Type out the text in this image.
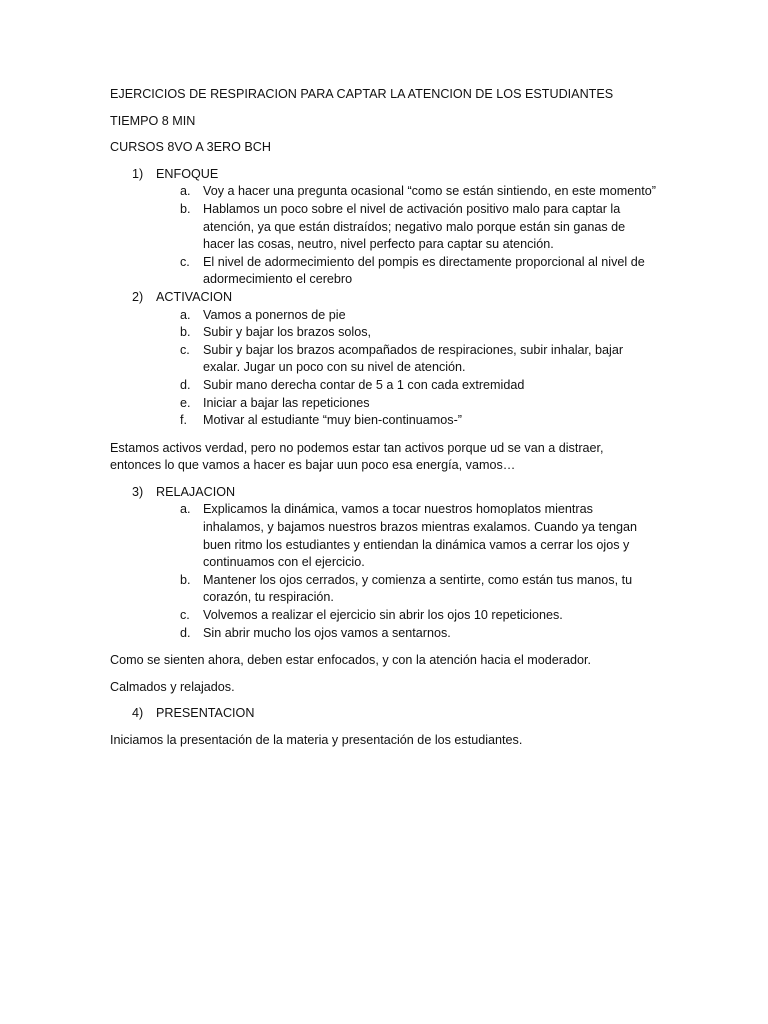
EJERCICIOS DE RESPIRACION PARA CAPTAR LA ATENCION DE LOS ESTUDIANTES

TIEMPO 8 MIN

CURSOS 8VO A 3ERO BCH

1)	ENFOQUE
a. Voy a hacer una pregunta ocasional “como se están sintiendo, en este momento”
b. Hablamos un poco sobre el nivel de activación positivo malo para captar la atención, ya que están distraídos; negativo malo porque están sin ganas de hacer las cosas, neutro, nivel perfecto para captar su atención.
c. El nivel de adormecimiento del pompis es directamente proporcional al nivel de adormecimiento el cerebro
2)	ACTIVACION
a. Vamos a ponernos de pie
b. Subir y bajar los brazos solos,
c. Subir y bajar los brazos acompañados de respiraciones, subir inhalar, bajar exalar. Jugar un poco con su nivel de atención.
d. Subir mano derecha contar de 5 a 1 con cada extremidad
e. Iniciar a bajar las repeticiones
f. Motivar al estudiante “muy bien-continuamos-”

Estamos activos verdad, pero no podemos estar tan activos porque ud se van a distraer, entonces lo que vamos a hacer es bajar uun poco esa energía, vamos…

3)	RELAJACION
a. Explicamos la dinámica, vamos a tocar nuestros homoplatos mientras inhalamos, y bajamos nuestros brazos mientras exalamos. Cuando ya tengan buen ritmo los estudiantes y entiendan la dinámica vamos a cerrar los ojos y continuamos con el ejercicio.
b. Mantener los ojos cerrados, y comienza a sentirte, como están tus manos, tu corazón, tu respiración.
c. Volvemos a realizar el ejercicio sin abrir los ojos 10 repeticiones.
d. Sin abrir mucho los ojos vamos a sentarnos.

Como se sienten ahora, deben estar enfocados, y con la atención hacia el moderador.

Calmados y relajados.

4)	PRESENTACION

Iniciamos la presentación de la materia y presentación de los estudiantes.
